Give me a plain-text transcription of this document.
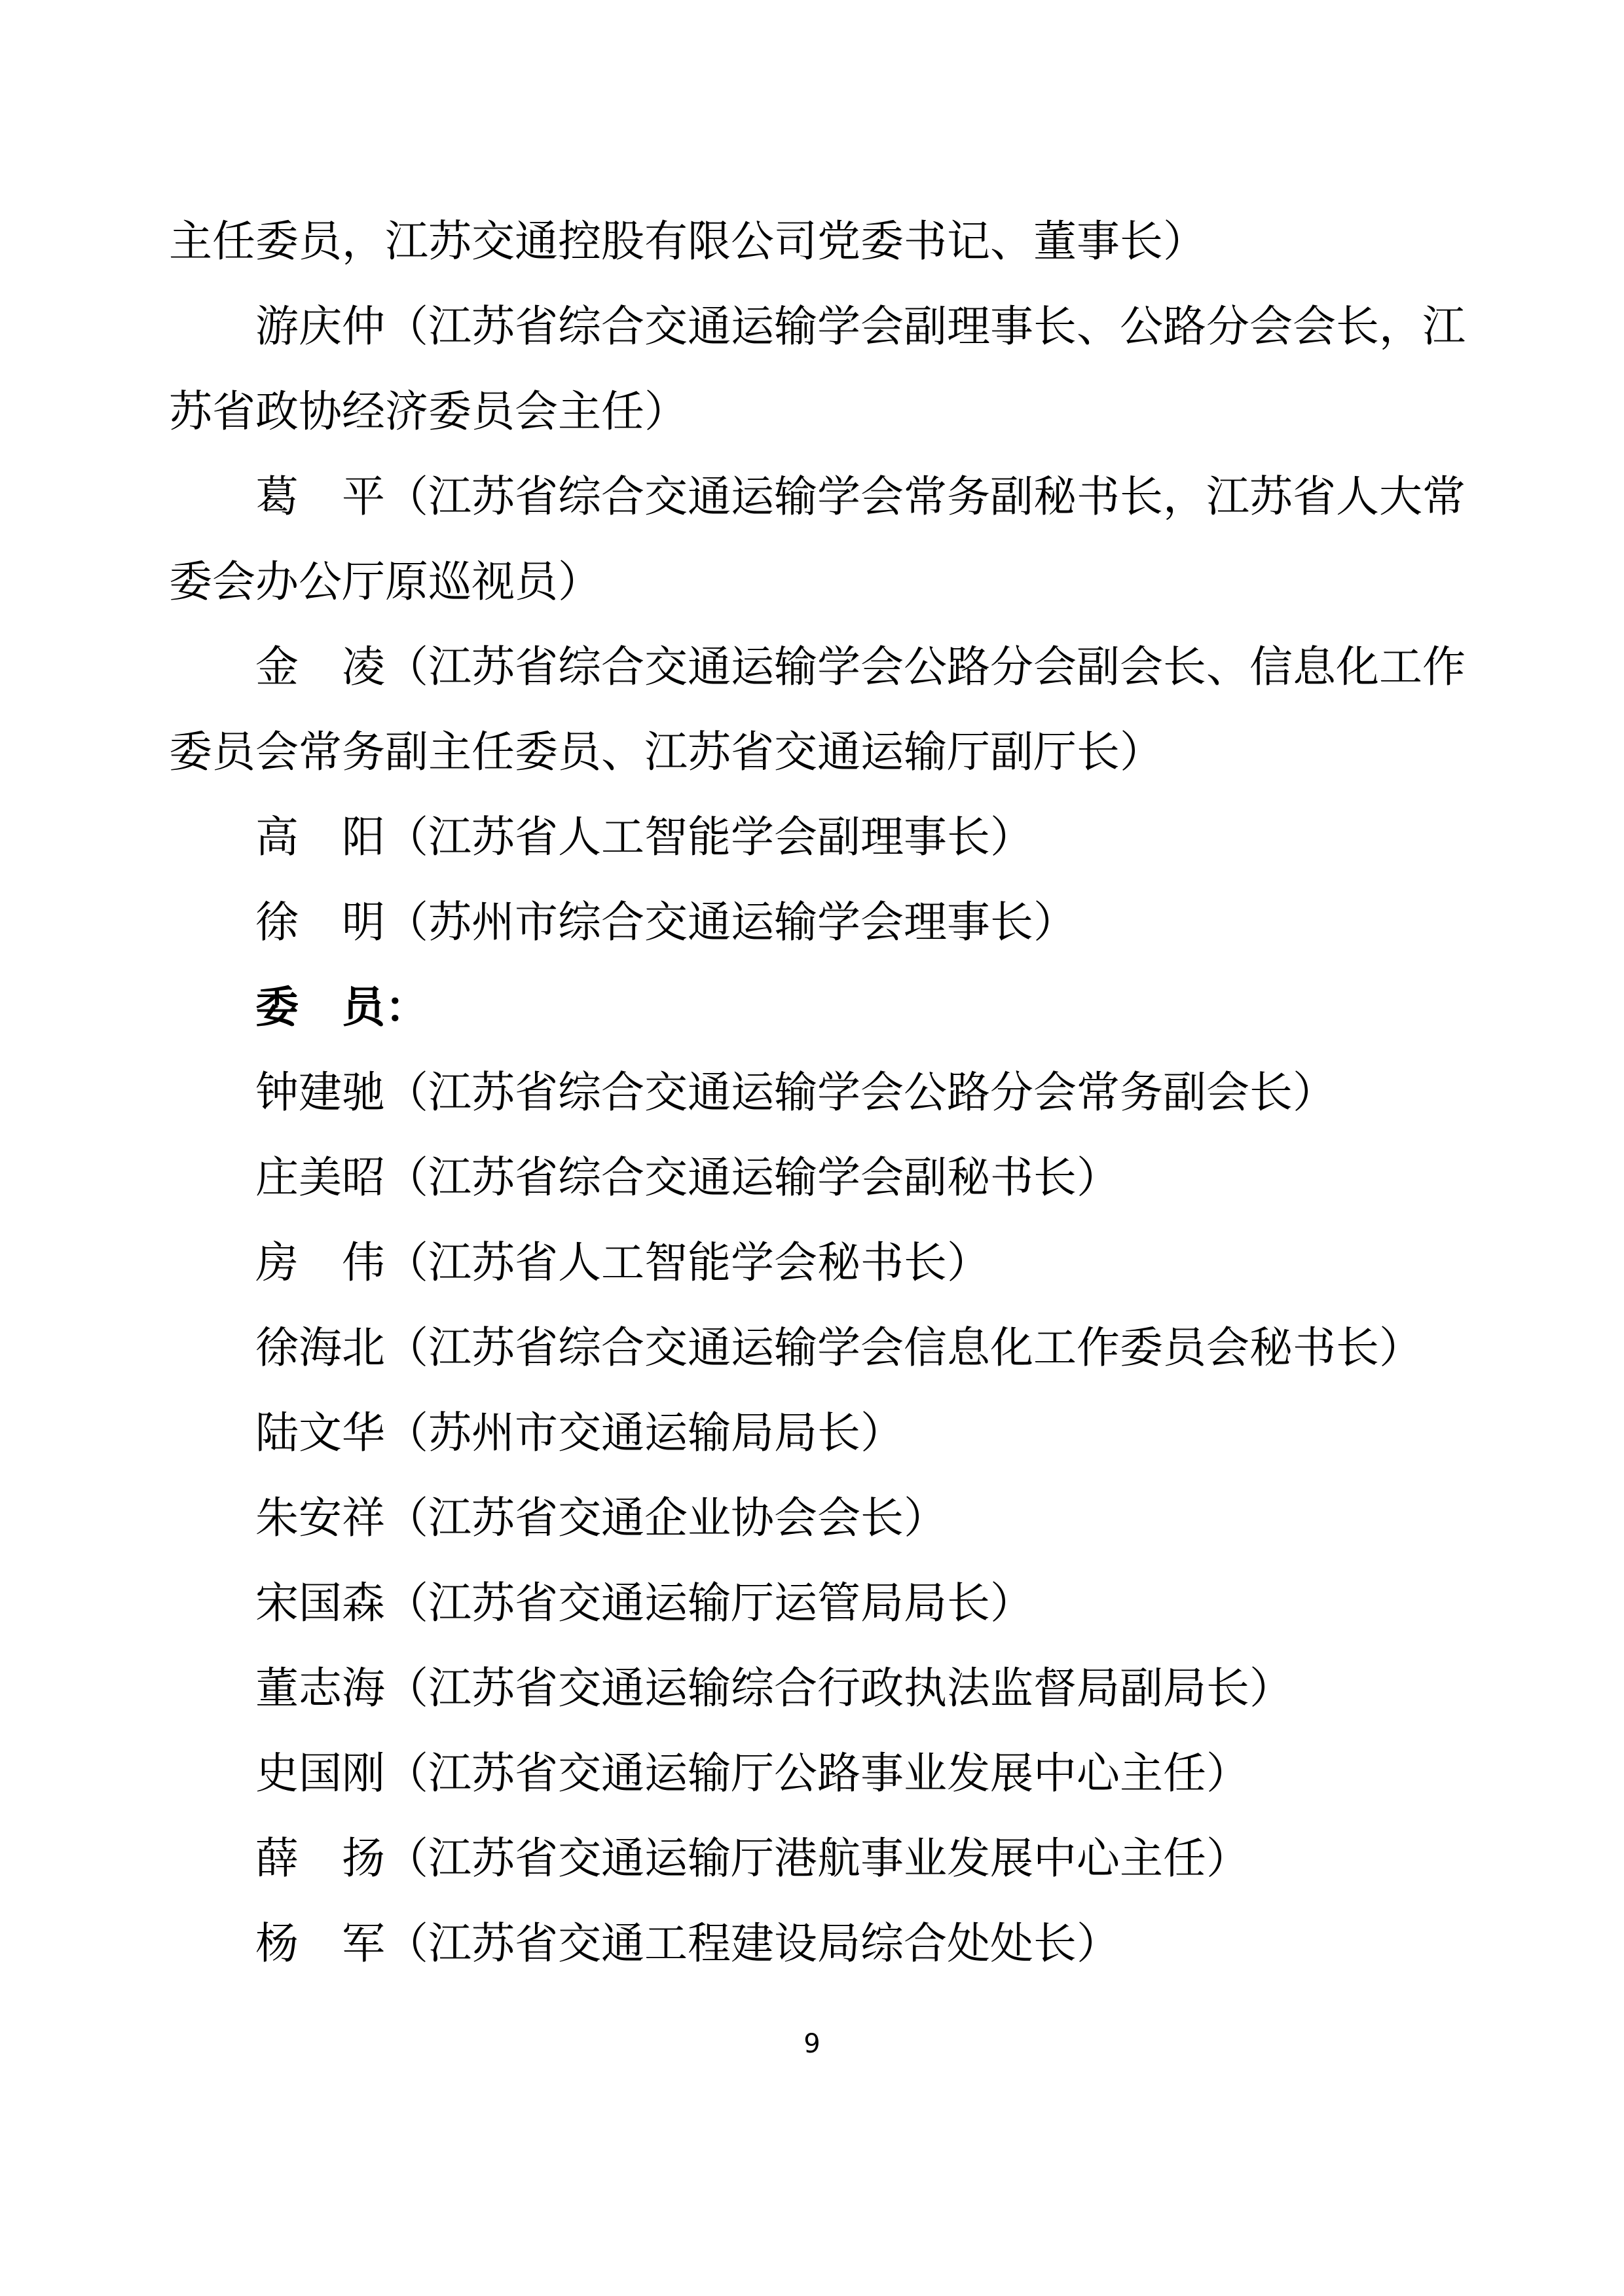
主任委员，江苏交通控股有限公司党委书记、董事长）

游庆仲（江苏省综合交通运输学会副理事长、公路分会会长，江苏省政协经济委员会主任）

葛　平（江苏省综合交通运输学会常务副秘书长，江苏省人大常委会办公厅原巡视员）

金　凌（江苏省综合交通运输学会公路分会副会长、信息化工作委员会常务副主任委员、江苏省交通运输厅副厅长）

高　阳（江苏省人工智能学会副理事长）

徐　明（苏州市综合交通运输学会理事长）

委　员：

钟建驰（江苏省综合交通运输学会公路分会常务副会长）

庄美昭（江苏省综合交通运输学会副秘书长）

房　伟（江苏省人工智能学会秘书长）

徐海北（江苏省综合交通运输学会信息化工作委员会秘书长）

陆文华（苏州市交通运输局局长）

朱安祥（江苏省交通企业协会会长）

宋国森（江苏省交通运输厅运管局局长）

董志海（江苏省交通运输综合行政执法监督局副局长）

史国刚（江苏省交通运输厅公路事业发展中心主任）

薛　扬（江苏省交通运输厅港航事业发展中心主任）

杨　军（江苏省交通工程建设局综合处处长）

9
